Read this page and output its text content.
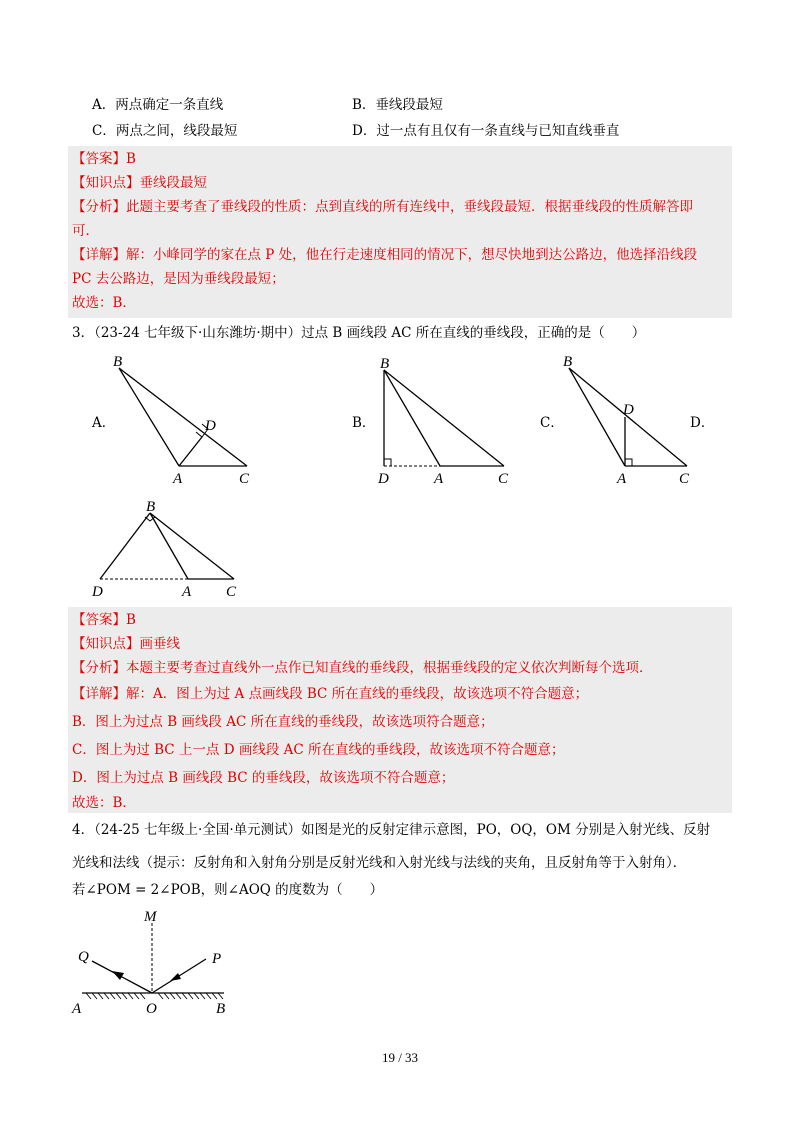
A．两点确定一条直线	B．垂线段最短
C．两点之间，线段最短	D．过一点有且仅有一条直线与已知直线垂直
【答案】B
【知识点】垂线段最短
【分析】此题主要考查了垂线段的性质：点到直线的所有连线中，垂线段最短．根据垂线段的性质解答即
可．
【详解】解：小峰同学的家在点 P 处，他在行走速度相同的情况下，想尽快地到达公路边，他选择沿线段
PC 去公路边，是因为垂线段最短；
故选：B．
3．（23-24 七年级下·山东潍坊·期中）过点 B 画线段 AC 所在直线的垂线段，正确的是（　　）
A．	B．	C．	D．
B
D
A	C
B
D	A	C
B
D
A	C
B
D	A C
【答案】B
【知识点】画垂线
【分析】本题主要考查过直线外一点作已知直线的垂线段，根据垂线段的定义依次判断每个选项．
【详解】解：A．图上为过 A 点画线段 BC 所在直线的垂线段，故该选项不符合题意；
B．图上为过点 B 画线段 AC 所在直线的垂线段，故该选项符合题意；
C．图上为过 BC 上一点 D 画线段 AC 所在直线的垂线段，故该选项不符合题意；
D．图上为过点 B 画线段 BC 的垂线段，故该选项不符合题意；
故选：B．
4．（24-25 七年级上·全国·单元测试）如图是光的反射定律示意图，PO，OQ，OM 分别是入射光线、反射
光线和法线（提示：反射角和入射角分别是反射光线和入射光线与法线的夹角，且反射角等于入射角）．
若∠POM = 2∠POB，则∠AOQ 的度数为（　　）
M
Q	P
A	O	B
19 / 33
